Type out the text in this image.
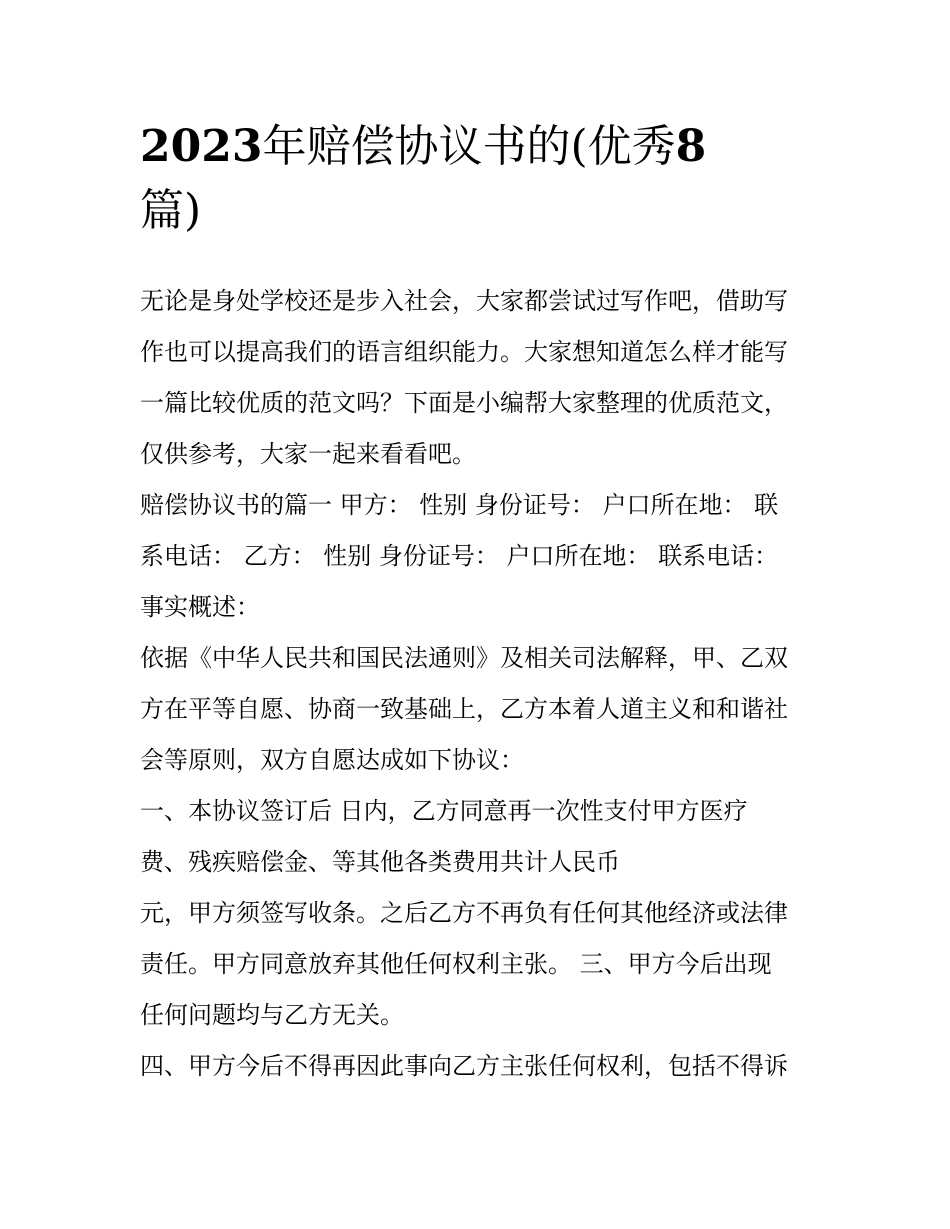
2023年赔偿协议书的(优秀8
篇)
无论是身处学校还是步入社会，大家都尝试过写作吧，借助写
作也可以提高我们的语言组织能力。大家想知道怎么样才能写
一篇比较优质的范文吗？下面是小编帮大家整理的优质范文，
仅供参考，大家一起来看看吧。
赔偿协议书的篇一 甲方： 性别 身份证号： 户口所在地： 联
系电话： 乙方： 性别 身份证号： 户口所在地： 联系电话：
事实概述：
依据《中华人民共和国民法通则》及相关司法解释，甲、乙双
方在平等自愿、协商一致基础上，乙方本着人道主义和和谐社
会等原则，双方自愿达成如下协议：
一、本协议签订后 日内，乙方同意再一次性支付甲方医疗
费、残疾赔偿金、等其他各类费用共计人民币
元，甲方须签写收条。之后乙方不再负有任何其他经济或法律
责任。甲方同意放弃其他任何权利主张。 三、甲方今后出现
任何问题均与乙方无关。
四、甲方今后不得再因此事向乙方主张任何权利，包括不得诉
